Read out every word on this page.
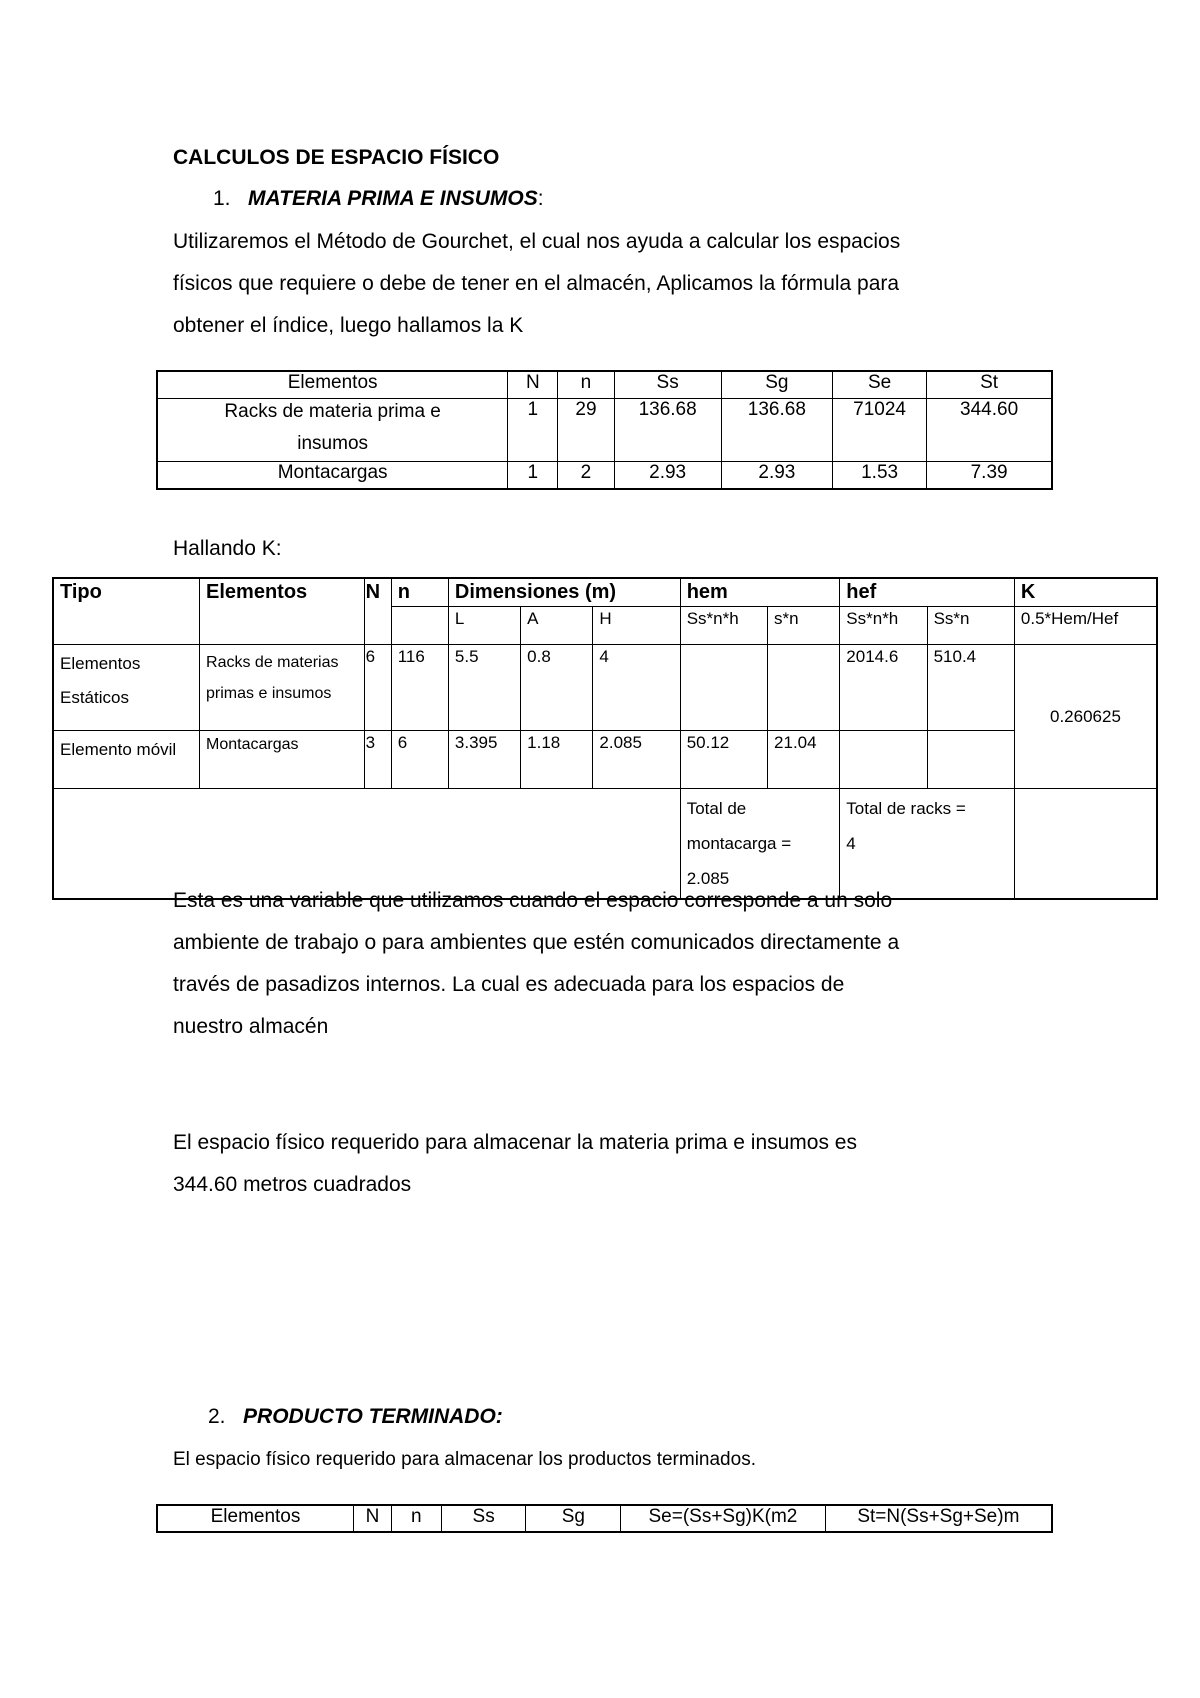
CALCULOS DE ESPACIO FÍSICO
1. MATERIA PRIMA E INSUMOS:
Utilizaremos el Método de Gourchet, el cual nos ayuda a calcular los espacios
físicos que requiere o debe de tener en el almacén, Aplicamos la fórmula para
obtener el índice, luego hallamos la K
Elementos	N	n	Ss	Sg	Se	St

Racks de materia prima e
insumos	1	29	136.68	136.68	71024	344.60
Montacargas	1	2	2.93	2.93	1.53	7.39
Hallando K:
Tipo	Elementos	N	n	Dimensiones (m)			hem		hef		K
				L	A	H	Ss*n*h	s*n	Ss*n*h	Ss*n	0.5*Hem/Hef
Elementos Estáticos	Racks de materias primas e insumos	6	116	5.5	0.8	4			2014.6	510.4	0.260625
Elemento móvil	Montacargas	3	6	3.395	1.18	2.085	50.12	21.04			
							Total de montacarga = 2.085		Total de racks = 4		
Esta es una variable que utilizamos cuando el espacio corresponde a un solo
ambiente de trabajo o para ambientes que estén comunicados directamente a
través de pasadizos internos. La cual es adecuada para los espacios de
nuestro almacén
El espacio físico requerido para almacenar la materia prima e insumos es
344.60 metros cuadrados
2. PRODUCTO TERMINADO:
El espacio físico requerido para almacenar los productos terminados.
Elementos	N	n	Ss	Sg	Se=(Ss+Sg)K(m2	St=N(Ss+Sg+Se)m
